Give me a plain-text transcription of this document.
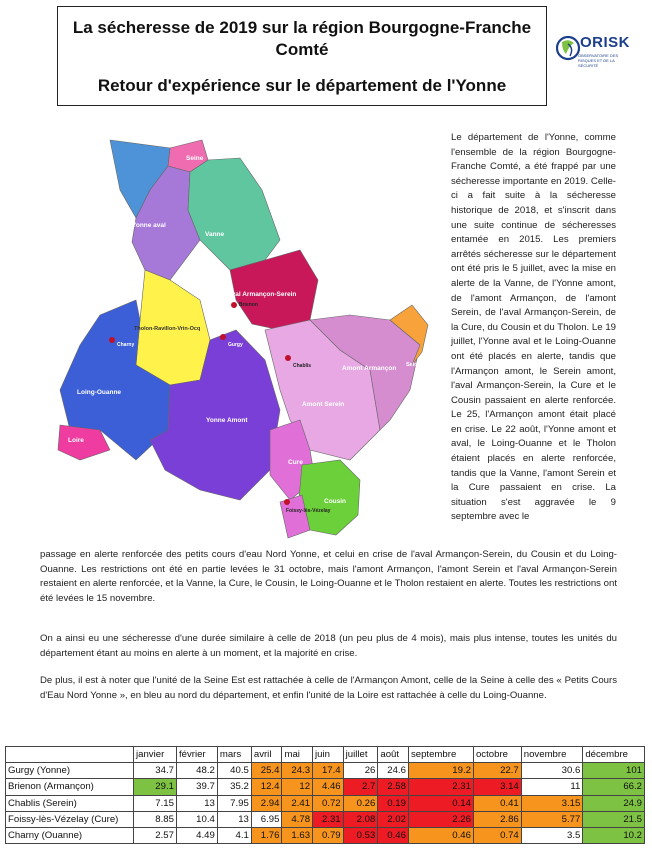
La sécheresse de 2019 sur la région Bourgogne-Franche
Comté
Retour d'expérience sur le département de l'Yonne
ORISK
OBSERVATOIRE DES RISQUES ET DE LA SÉCURITÉ
Seine
Yonne aval
Vanne
aval Armançon-Serein
Brienon
Tholon-Ravillon-Vrin-Ocq
Gurgy
Charny
Chablis	Amont Armançon Seine Est
Loing-Ouanne
Yonne Amont
Amont Serein
Loire
Cure
Cousin
Foissy-lès-Vézelay
Le département de l'Yonne, comme l'ensemble de la région Bourgogne-Franche Comté, a été frappé par une sécheresse importante en 2019. Celle-ci a fait suite à la sécheresse historique de 2018, et s'inscrit dans une suite continue de sécheresses entamée en 2015. Les premiers arrêtés sécheresse sur le département ont été pris le 5 juillet, avec la mise en alerte de la Vanne, de l'Yonne amont, de l'amont Armançon, de l'amont Serein, de l'aval Armançon-Serein, de la Cure, du Cousin et du Tholon. Le 19 juillet, l'Yonne aval et le Loing-Ouanne ont été placés en alerte, tandis que l'Armançon amont, le Serein amont, l'aval Armançon-Serein, la Cure et le Cousin passaient en alerte renforcée. Le 25, l'Armançon amont était placé en crise. Le 22 août, l'Yonne amont et aval, le Loing-Ouanne et le Tholon étaient placés en alerte renforcée, tandis que la Vanne, l'amont Serein et la Cure passaient en crise. La situation s'est aggravée le 9 septembre avec le
passage en alerte renforcée des petits cours d'eau Nord Yonne, et celui en crise de l'aval Armançon-Serein, du Cousin et du Loing-Ouanne. Les restrictions ont été en partie levées le 31 octobre, mais l'amont Armançon, l'amont Serein et l'aval Armançon-Serein restaient en alerte renforcée, et la Vanne, la Cure, le Cousin, le Loing-Ouanne et le Tholon restaient en alerte. Toutes les restrictions ont été levées le 15 novembre.
On a ainsi eu une sécheresse d'une durée similaire à celle de 2018 (un peu plus de 4 mois), mais plus intense, toutes les unités du département étant au moins en alerte à un moment, et la majorité en crise.
De plus, il est à noter que l'unité de la Seine Est est rattachée à celle de l'Armançon Amont, celle de la Seine à celle des « Petits Cours d'Eau Nord Yonne », en bleu au nord du département, et enfin l'unité de la Loire est rattachée à celle du Loing-Ouanne.
	janvier	février	mars	avril	mai	juin	juillet	août	septembre	octobre	novembre	décembre
Gurgy (Yonne)	34.7	48.2	40.5	25.4	24.3	17.4	26	24.6	19.2	22.7	30.6	101
Brienon (Armançon)	29.1	39.7	35.2	12.4	12	4.46	2.7	2.58	2.31	3.14	11	66.2
Chablis (Serein)	7.15	13	7.95	2.94	2.41	0.72	0.26	0.19	0.14	0.41	3.15	24.9
Foissy-lès-Vézelay (Cure)	8.85	10.4	13	6.95	4.78	2.31	2.08	2.02	2.26	2.86	5.77	21.5
Charny (Ouanne)	2.57	4.49	4.1	1.76	1.63	0.79	0.53	0.46	0.46	0.74	3.5	10.2
